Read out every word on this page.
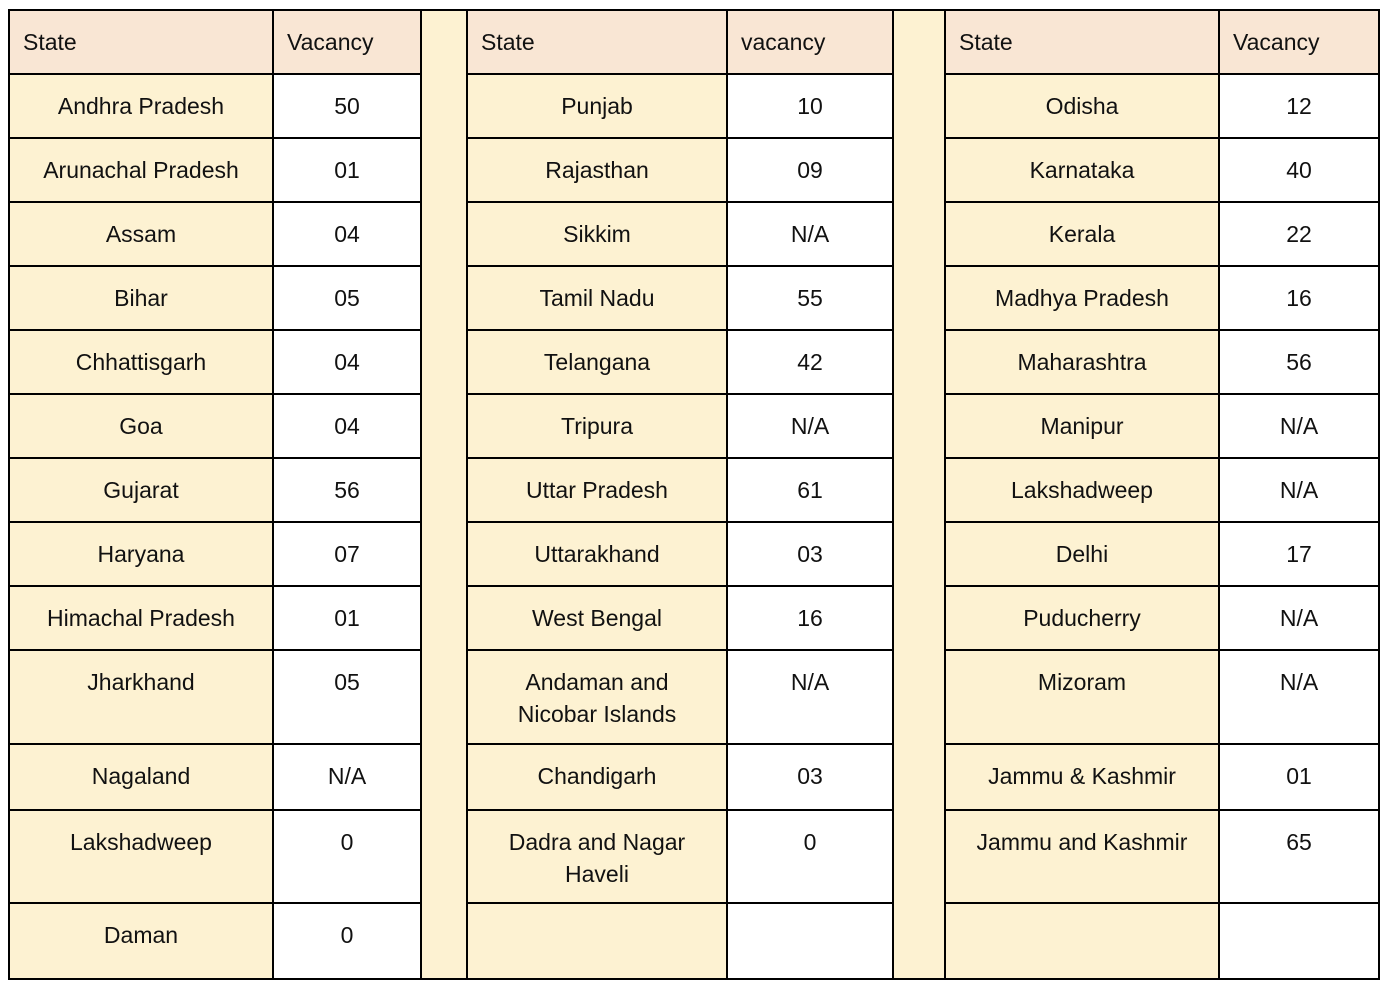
State	Vacancy		State	vacancy		State	Vacancy

Andhra Pradesh	50		Punjab	10		Odisha	12

Arunachal Pradesh	01		Rajasthan	09		Karnataka	40

Assam	04		Sikkim	N/A		Kerala	22

Bihar	05		Tamil Nadu	55		Madhya Pradesh	16

Chhattisgarh	04		Telangana	42		Maharashtra	56

Goa	04		Tripura	N/A		Manipur	N/A

Gujarat	56		Uttar Pradesh	61		Lakshadweep	N/A

Haryana	07		Uttarakhand	03		Delhi	17

Himachal Pradesh	01		West Bengal	16		Puducherry	N/A

Jharkhand	05		Andaman and Nicobar Islands	N/A		Mizoram	N/A

Nagaland	N/A		Chandigarh	03		Jammu & Kashmir	01

Lakshadweep	0		Dadra and Nagar Haveli	0		Jammu and Kashmir	65

Daman	0						
